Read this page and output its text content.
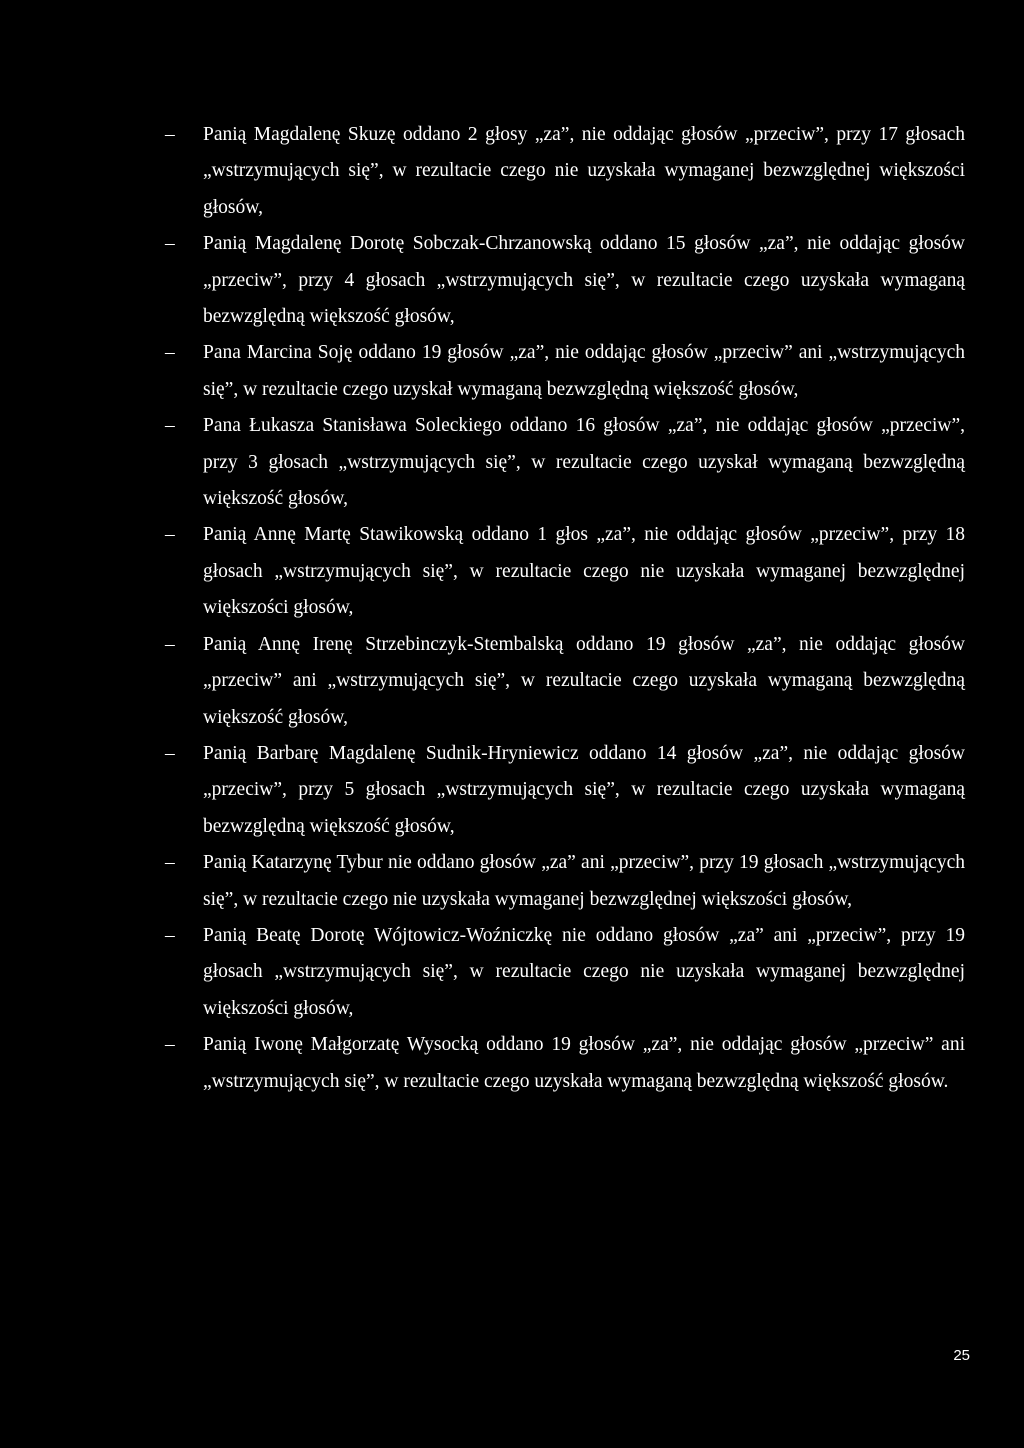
– Panią Magdalenę Skuzę oddano 2 głosy „za”, nie oddając głosów „przeciw”, przy 17 głosach „wstrzymujących się”, w rezultacie czego nie uzyskała wymaganej bezwzględnej większości głosów,
– Panią Magdalenę Dorotę Sobczak-Chrzanowską oddano 15 głosów „za”, nie oddając głosów „przeciw”, przy 4 głosach „wstrzymujących się”, w rezultacie czego uzyskała wymaganą bezwzględną większość głosów,
– Pana Marcina Soję oddano 19 głosów „za”, nie oddając głosów „przeciw” ani „wstrzymujących się”, w rezultacie czego uzyskał wymaganą bezwzględną większość głosów,
– Pana Łukasza Stanisława Soleckiego oddano 16 głosów „za”, nie oddając głosów „przeciw”, przy 3 głosach „wstrzymujących się”, w rezultacie czego uzyskał wymaganą bezwzględną większość głosów,
– Panią Annę Martę Stawikowską oddano 1 głos „za”, nie oddając głosów „przeciw”, przy 18 głosach „wstrzymujących się”, w rezultacie czego nie uzyskała wymaganej bezwzględnej większości głosów,
– Panią Annę Irenę Strzebinczyk-Stembalską oddano 19 głosów „za”, nie oddając głosów „przeciw” ani „wstrzymujących się”, w rezultacie czego uzyskała wymaganą bezwzględną większość głosów,
– Panią Barbarę Magdalenę Sudnik-Hryniewicz oddano 14 głosów „za”, nie oddając głosów „przeciw”, przy 5 głosach „wstrzymujących się”, w rezultacie czego uzyskała wymaganą bezwzględną większość głosów,
– Panią Katarzynę Tybur nie oddano głosów „za” ani „przeciw”, przy 19 głosach „wstrzymujących się”, w rezultacie czego nie uzyskała wymaganej bezwzględnej większości głosów,
– Panią Beatę Dorotę Wójtowicz-Woźniczkę nie oddano głosów „za” ani „przeciw”, przy 19 głosach „wstrzymujących się”, w rezultacie czego nie uzyskała wymaganej bezwzględnej większości głosów,
– Panią Iwonę Małgorzatę Wysocką oddano 19 głosów „za”, nie oddając głosów „przeciw” ani „wstrzymujących się”, w rezultacie czego uzyskała wymaganą bezwzględną większość głosów.
25
